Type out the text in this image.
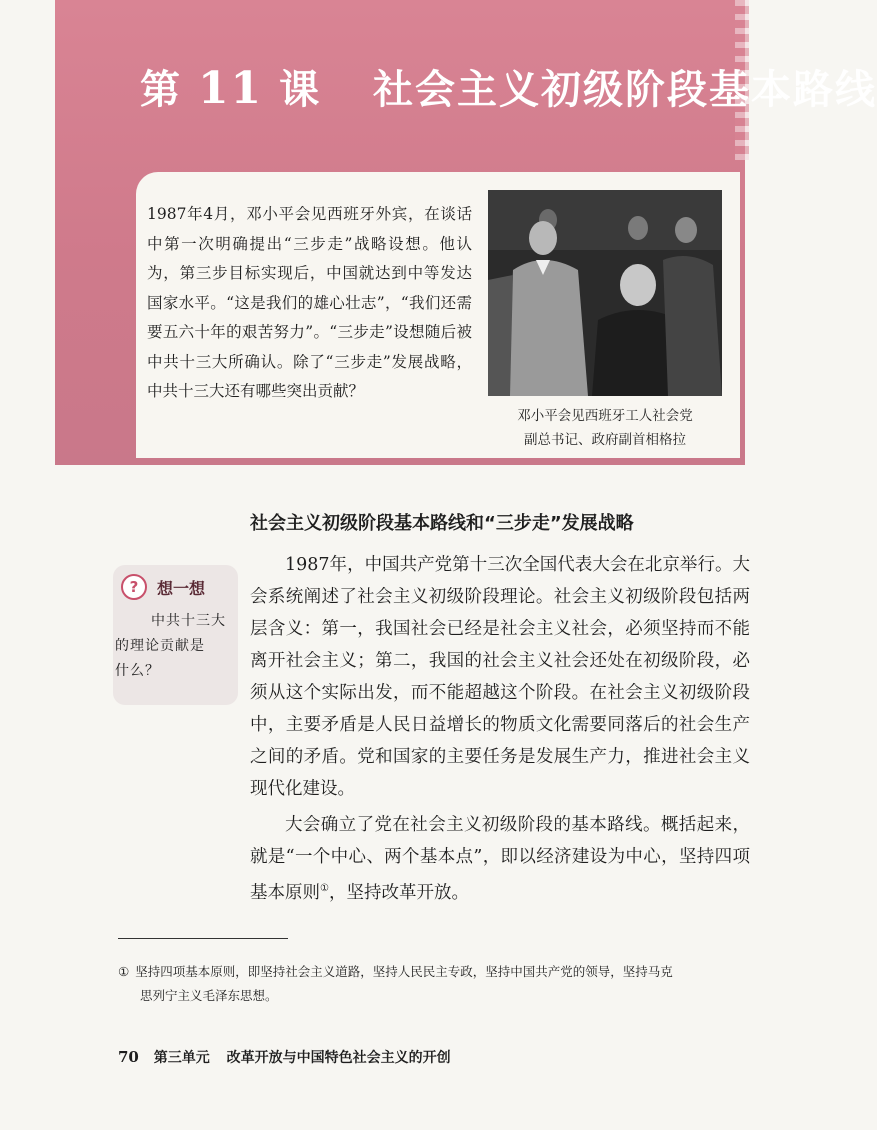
第 11 课 社会主义初级阶段基本路线

1987年4月，邓小平会见西班牙外宾，在谈话中第一次明确提出“三步走”战略设想。他认为，第三步目标实现后，中国就达到中等发达国家水平。“这是我们的雄心壮志”，“我们还需要五六十年的艰苦努力”。“三步走”设想随后被中共十三大所确认。除了“三步走”发展战略，中共十三大还有哪些突出贡献？

邓小平会见西班牙工人社会党
副总书记、政府副首相格拉
社会主义初级阶段基本路线和“三步走”发展战略

1987年，中国共产党第十三次全国代表大会在北京举行。大会系统阐述了社会主义初级阶段理论。社会主义初级阶段包括两层含义：第一，我国社会已经是社会主义社会，必须坚持而不能离开社会主义；第二，我国的社会主义社会还处在初级阶段，必须从这个实际出发，而不能超越这个阶段。在社会主义初级阶段中，主要矛盾是人民日益增长的物质文化需要同落后的社会生产之间的矛盾。党和国家的主要任务是发展生产力，推进社会主义现代化建设。

大会确立了党在社会主义初级阶段的基本路线。概括起来，就是“一个中心、两个基本点”，即以经济建设为中心，坚持四项基本原则①，坚持改革开放。

?	想一想
中共十三大
的理论贡献是
什么？
① 坚持四项基本原则，即坚持社会主义道路，坚持人民民主专政，坚持中国共产党的领导，坚持马克
思列宁主义毛泽东思想。
70 第三单元 改革开放与中国特色社会主义的开创
